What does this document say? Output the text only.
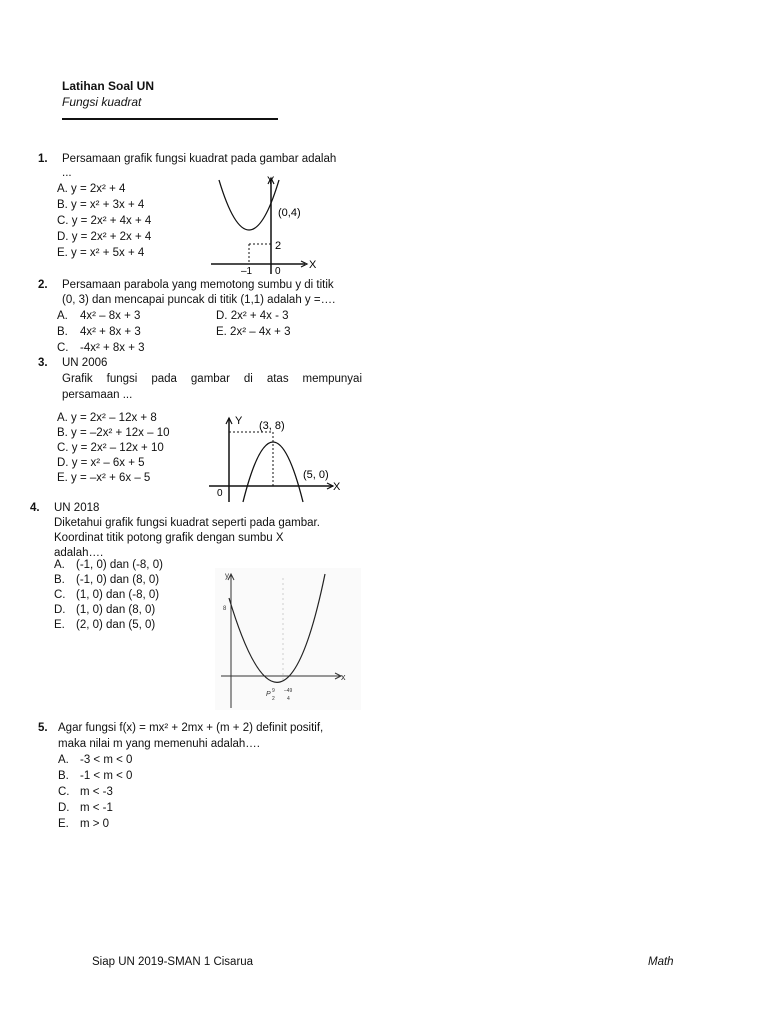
Latihan Soal UN
Fungsi kuadrat
1. Persamaan grafik fungsi kuadrat pada gambar adalah
...
A. y = 2x² + 4
B. y = x² + 3x + 4
C. y = 2x² + 4x + 4
D. y = 2x² + 2x + 4
E. y = x² + 5x + 4
Y
X
(0,4)
2
–1 0
2. Persamaan parabola yang memotong sumbu y di titik
(0, 3) dan mencapai puncak di titik (1,1) adalah y =….
A. 4x² – 8x + 3
B. 4x² + 8x + 3
C. -4x² + 8x + 3
D. 2x² + 4x - 3
E. 2x² – 4x + 3
3. UN 2006
Grafik fungsi pada gambar di atas mempunyai
persamaan ...
A. y = 2x² – 12x + 8
B. y = –2x² + 12x – 10
C. y = 2x² – 12x + 10
D. y = x² – 6x + 5
E. y = –x² + 6x – 5
Y
X
(3, 8)
(5, 0)
0
4. UN 2018
Diketahui grafik fungsi kuadrat seperti pada gambar.
Koordinat titik potong grafik dengan sumbu X
adalah….
A. (-1, 0) dan (-8, 0)
B. (-1, 0) dan (8, 0)
C. (1, 0) dan (-8, 0)
D. (1, 0) dan (8, 0)
E. (2, 0) dan (5, 0)
y
x
8
P 9
2
–49
4
5. Agar fungsi f(x) = mx² + 2mx + (m + 2) definit positif,
maka nilai m yang memenuhi adalah….
A. -3 < m < 0
B. -1 < m < 0
C. m < -3
D. m < -1
E. m > 0
Siap UN 2019-SMAN 1 Cisarua	Math
